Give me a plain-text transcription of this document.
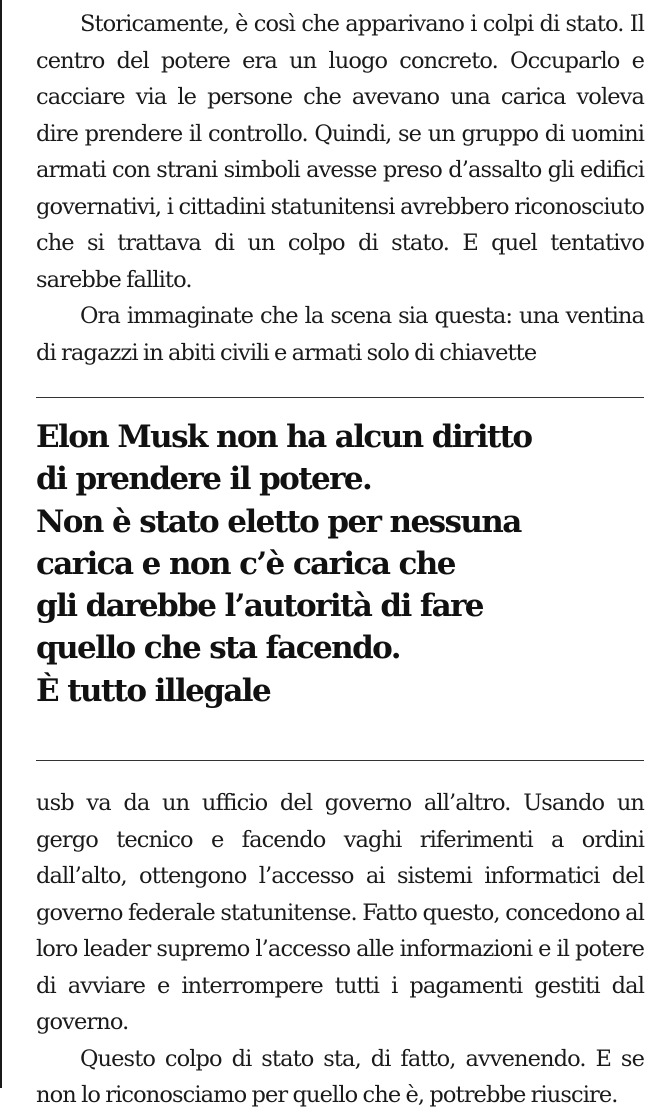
Storicamente, è così che apparivano i colpi di stato. Il centro del potere era un luogo concreto. Occuparlo e cacciare via le persone che avevano una carica voleva dire prendere il controllo. Quindi, se un gruppo di uomini armati con strani simboli avesse preso d’assalto gli edifici governativi, i cittadini statunitensi avrebbero riconosciuto che si trattava di un colpo di stato. E quel tentativo sarebbe fallito.

Ora immaginate che la scena sia questa: una ventina di ragazzi in abiti civili e armati solo di chiavette

Elon Musk non ha alcun diritto
di prendere il potere.
Non è stato eletto per nessuna
carica e non c’è carica che
gli darebbe l’autorità di fare
quello che sta facendo.
È tutto illegale

usb va da un ufficio del governo all’altro. Usando un gergo tecnico e facendo vaghi riferimenti a ordini dall’alto, ottengono l’accesso ai sistemi informatici del governo federale statunitense. Fatto questo, concedono al loro leader supremo l’accesso alle informazioni e il potere di avviare e interrompere tutti i pagamenti gestiti dal governo.

Questo colpo di stato sta, di fatto, avvenendo. E se non lo riconosciamo per quello che è, potrebbe riuscire.
